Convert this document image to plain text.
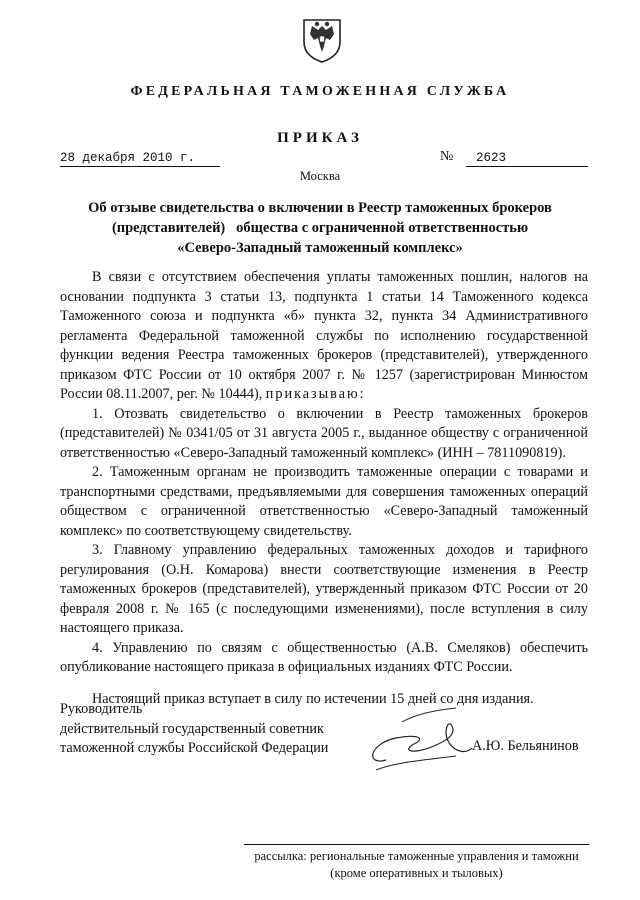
ФЕДЕРАЛЬНАЯ ТАМОЖЕННАЯ СЛУЖБА
ПРИКАЗ
28 декабря 2010 г.	№	2623
Москва
Об отзыве свидетельства о включении в Реестр таможенных брокеров
(представителей)   общества с ограниченной ответственностью
«Северо-Западный таможенный комплекс»

В связи с отсутствием обеспечения уплаты таможенных пошлин, налогов на основании подпункта 3 статьи 13, подпункта 1 статьи 14 Таможенного кодекса Таможенного союза и подпункта «б» пункта 32, пункта 34 Административного регламента Федеральной таможенной службы по исполнению государственной функции ведения Реестра таможенных брокеров (представителей), утвержденного приказом ФТС России от 10 октября 2007 г. № 1257 (зарегистрирован Минюстом России 08.11.2007, рег. № 10444), приказываю:

1. Отозвать свидетельство о включении в Реестр таможенных брокеров (представителей) № 0341/05 от 31 августа 2005 г., выданное обществу с ограниченной ответственностью «Северо-Западный таможенный комплекс» (ИНН – 7811090819).

2. Таможенным органам не производить таможенные операции с товарами и транспортными средствами, предъявляемыми для совершения таможенных операций обществом с ограниченной ответственностью «Северо-Западный таможенный комплекс» по соответствующему свидетельству.

3. Главному управлению федеральных таможенных доходов и тарифного регулирования (О.Н. Комарова) внести соответствующие изменения в Реестр таможенных брокеров (представителей), утвержденный приказом ФТС России от 20 февраля 2008 г. № 165 (с последующими изменениями), после вступления в силу настоящего приказа.

4. Управлению по связям с общественностью (А.В. Смеляков) обеспечить опубликование настоящего приказа в официальных изданиях ФТС России.

Настоящий приказ вступает в силу по истечении 15 дней со дня издания.

Руководитель
действительный государственный советник
таможенной службы Российской Федерации	А.Ю. Бельянинов
рассылка: региональные таможенные управления и таможни
(кроме оперативных и тыловых)
